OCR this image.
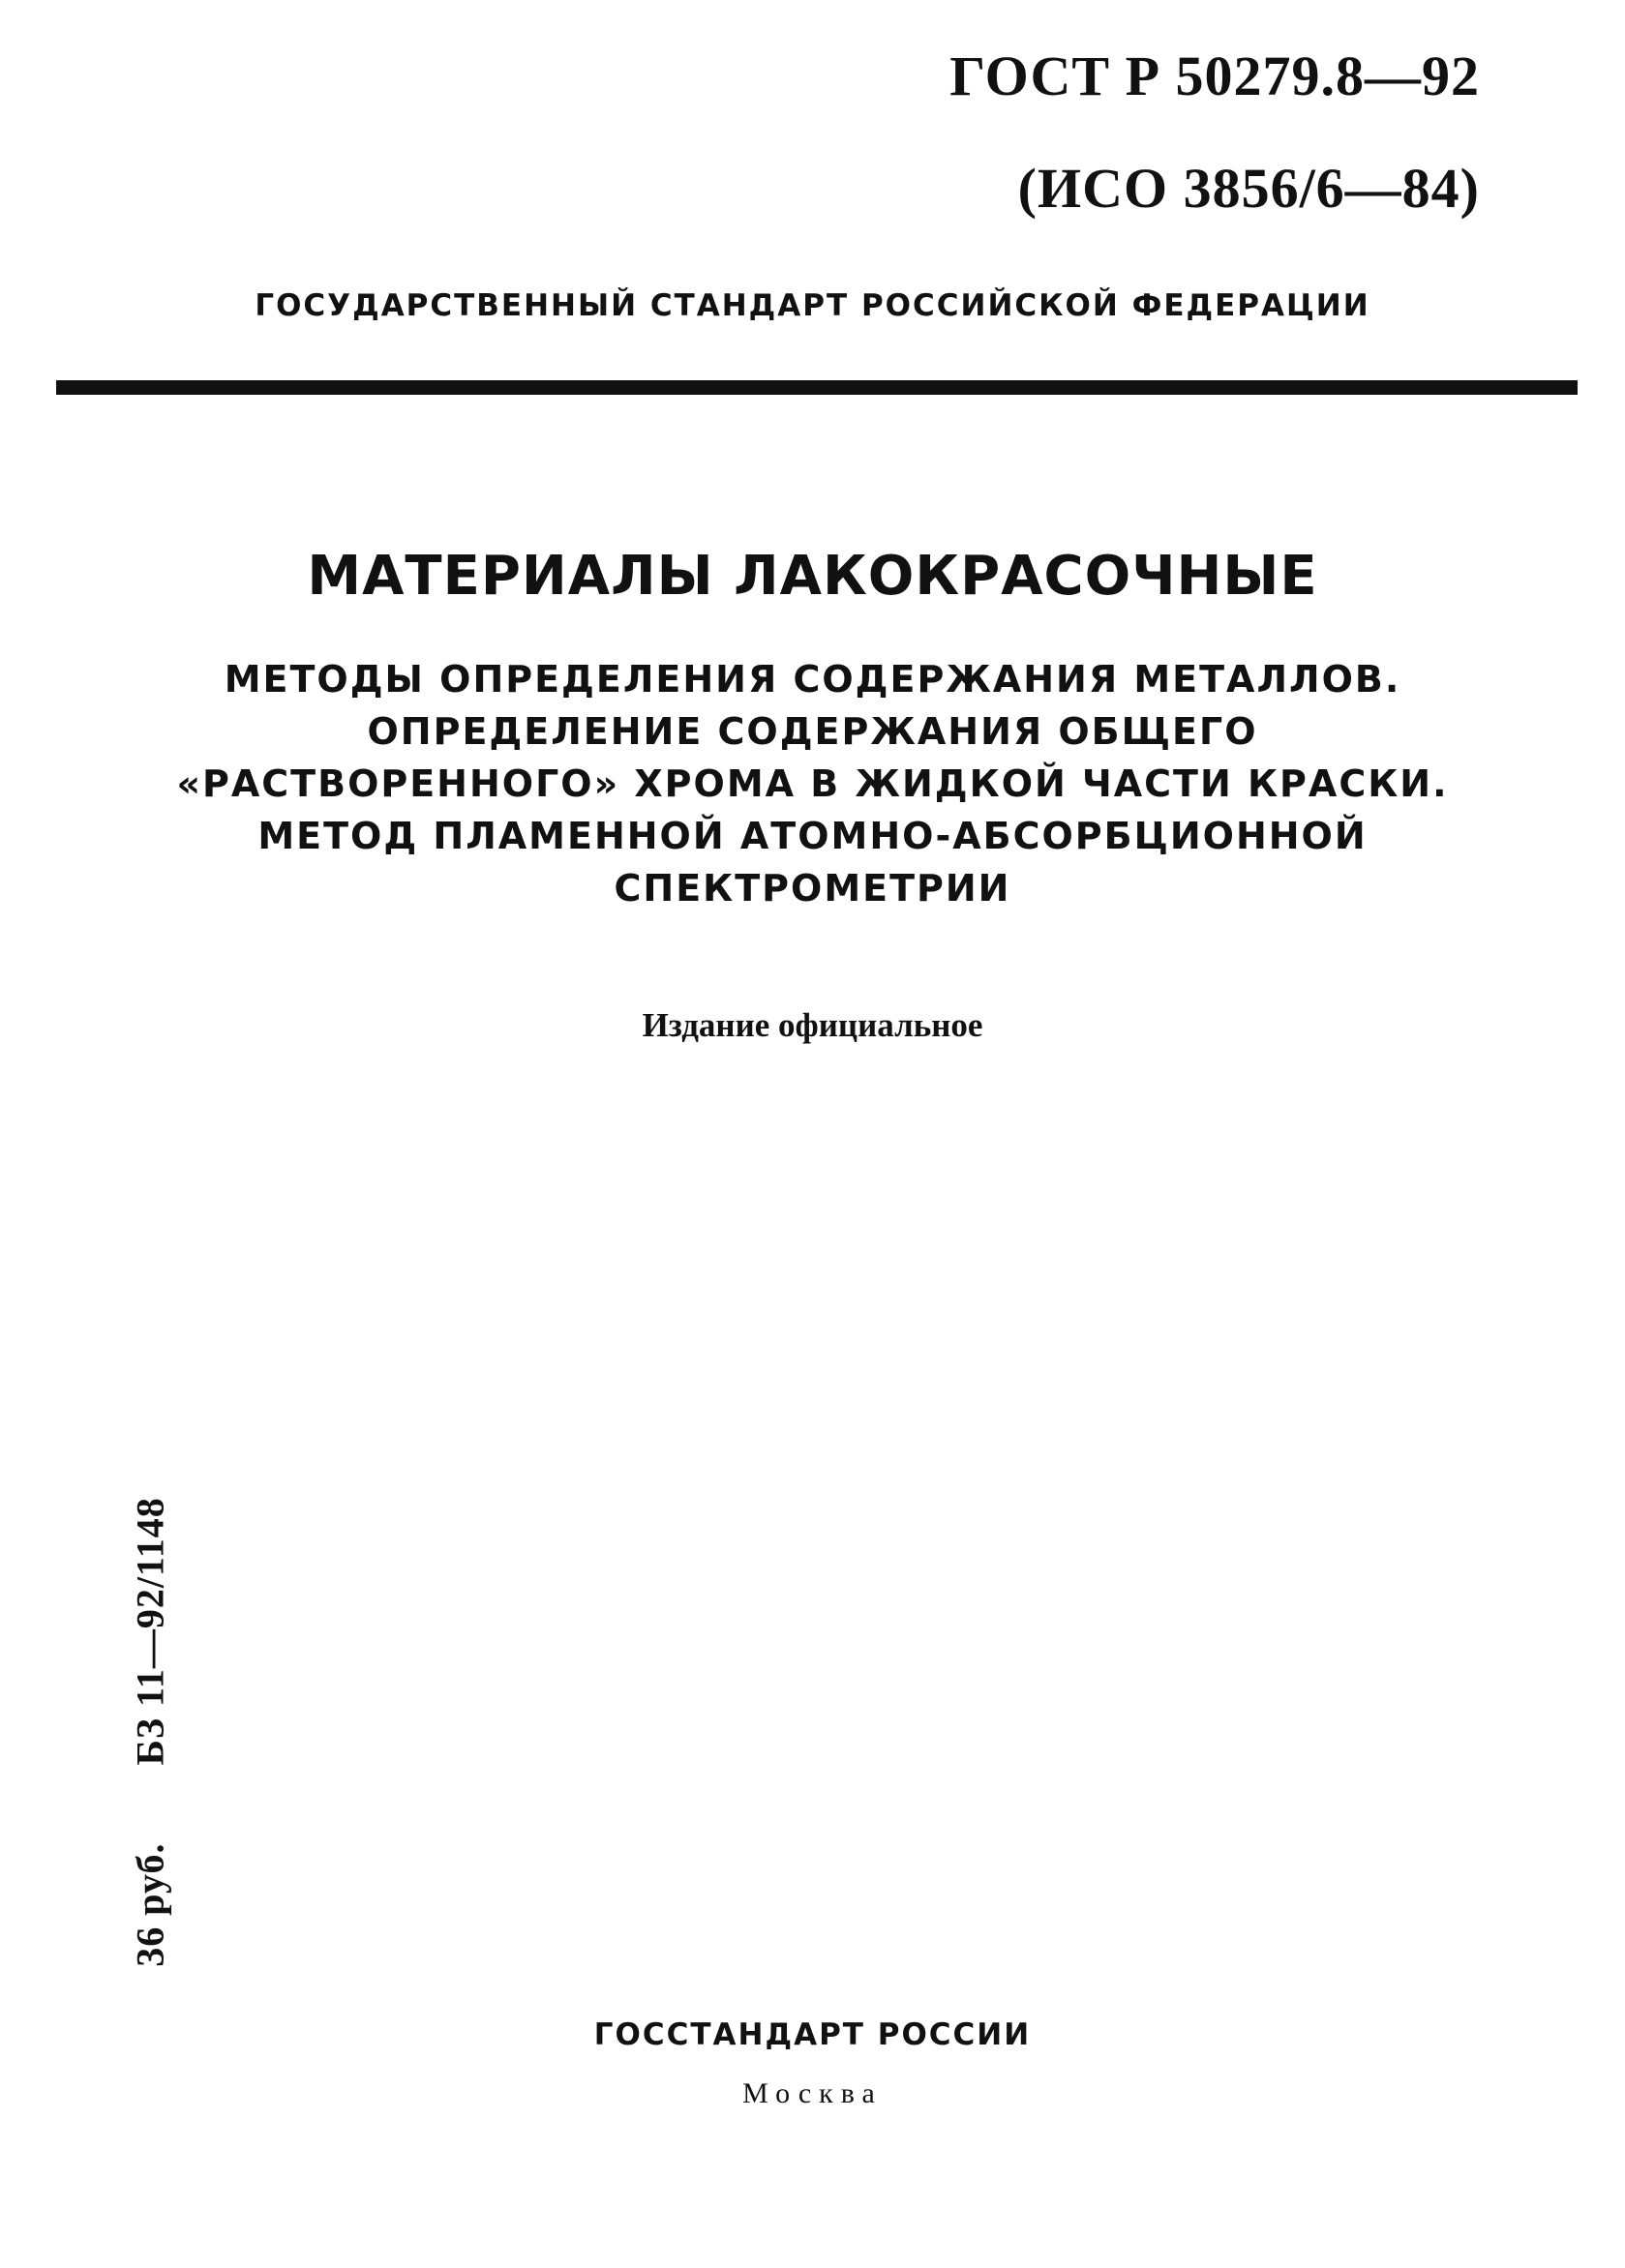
ГОСТ Р 50279.8—92
(ИСО 3856/6—84)
ГОСУДАРСТВЕННЫЙ СТАНДАРТ РОССИЙСКОЙ ФЕДЕРАЦИИ
МАТЕРИАЛЫ ЛАКОКРАСОЧНЫЕ
МЕТОДЫ ОПРЕДЕЛЕНИЯ СОДЕРЖАНИЯ МЕТАЛЛОВ.
ОПРЕДЕЛЕНИЕ СОДЕРЖАНИЯ ОБЩЕГО
«РАСТВОРЕННОГО» ХРОМА В ЖИДКОЙ ЧАСТИ КРАСКИ.
МЕТОД ПЛАМЕННОЙ АТОМНО-АБСОРБЦИОННОЙ
СПЕКТРОМЕТРИИ
Издание официальное
36 руб.БЗ 11—92/1148
ГОССТАНДАРТ РОССИИ
Москва
